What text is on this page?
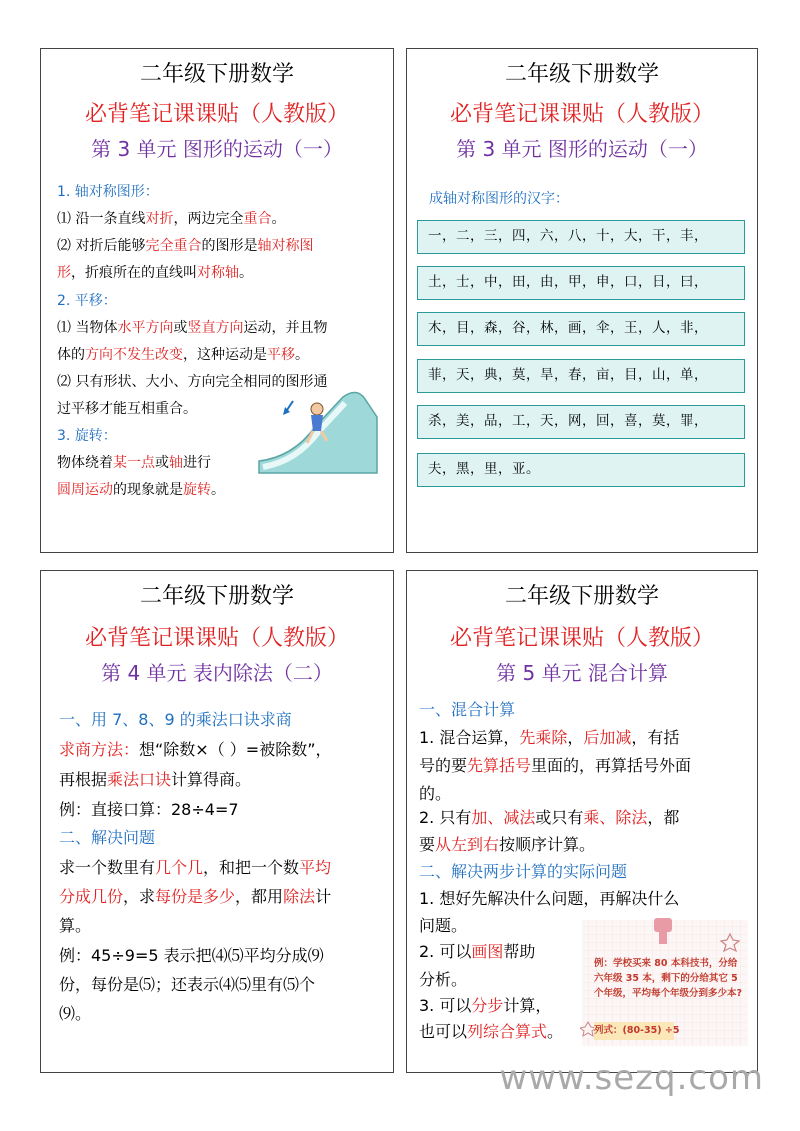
二年级下册数学
必背笔记课课贴（人教版）
第 3 单元 图形的运动（一）
1. 轴对称图形：
⑴ 沿一条直线对折，两边完全重合。
⑵ 对折后能够完全重合的图形是轴对称图
形，折痕所在的直线叫对称轴。
2. 平移：
⑴ 当物体水平方向或竖直方向运动，并且物
体的方向不发生改变，这种运动是平移。
⑵ 只有形状、大小、方向完全相同的图形通
过平移才能互相重合。
3. 旋转：
物体绕着某一点或轴进行
圆周运动的现象就是旋转。
二年级下册数学
必背笔记课课贴（人教版）
第 3 单元 图形的运动（一）
成轴对称图形的汉字：
一，二，三，四，六，八，十，大，干，丰，
土，士，中，田，由，甲，申，口，日，曰，
木，目，森，谷，林，画，伞，王，人，非，
菲，天，典，莫，旱，春，亩，目，山，单，
杀，美，品，工，天，网，回，喜，莫，罪，
夫，黑，里，亚。
二年级下册数学
必背笔记课课贴（人教版）
第 4 单元 表内除法（二）
一、用 7、8、9 的乘法口诀求商
求商方法：想“除数×（ ）=被除数”，
再根据乘法口诀计算得商。
例：直接口算：28÷4=7
二、解决问题
求一个数里有几个几，和把一个数平均
分成几份，求每份是多少，都用除法计
算。
例：45÷9=5 表示把⑷⑸平均分成⑼
份，每份是⑸；还表示⑷⑸里有⑸个
⑼。
二年级下册数学
必背笔记课课贴（人教版）
第 5 单元 混合计算
一、混合计算
1. 混合运算，先乘除，后加减，有括
号的要先算括号里面的，再算括号外面
的。
2. 只有加、减法或只有乘、除法，都
要从左到右按顺序计算。
二、解决两步计算的实际问题
1. 想好先解决什么问题，再解决什么
问题。
2. 可以画图帮助
分析。
3. 可以分步计算，
也可以列综合算式。
例：学校买来 80 本科技书，分给六年级 35 本，剩下的分给其它 5 个年级，平均每个年级分到多少本?
列式：(80-35) ÷5
www.sezq.com
